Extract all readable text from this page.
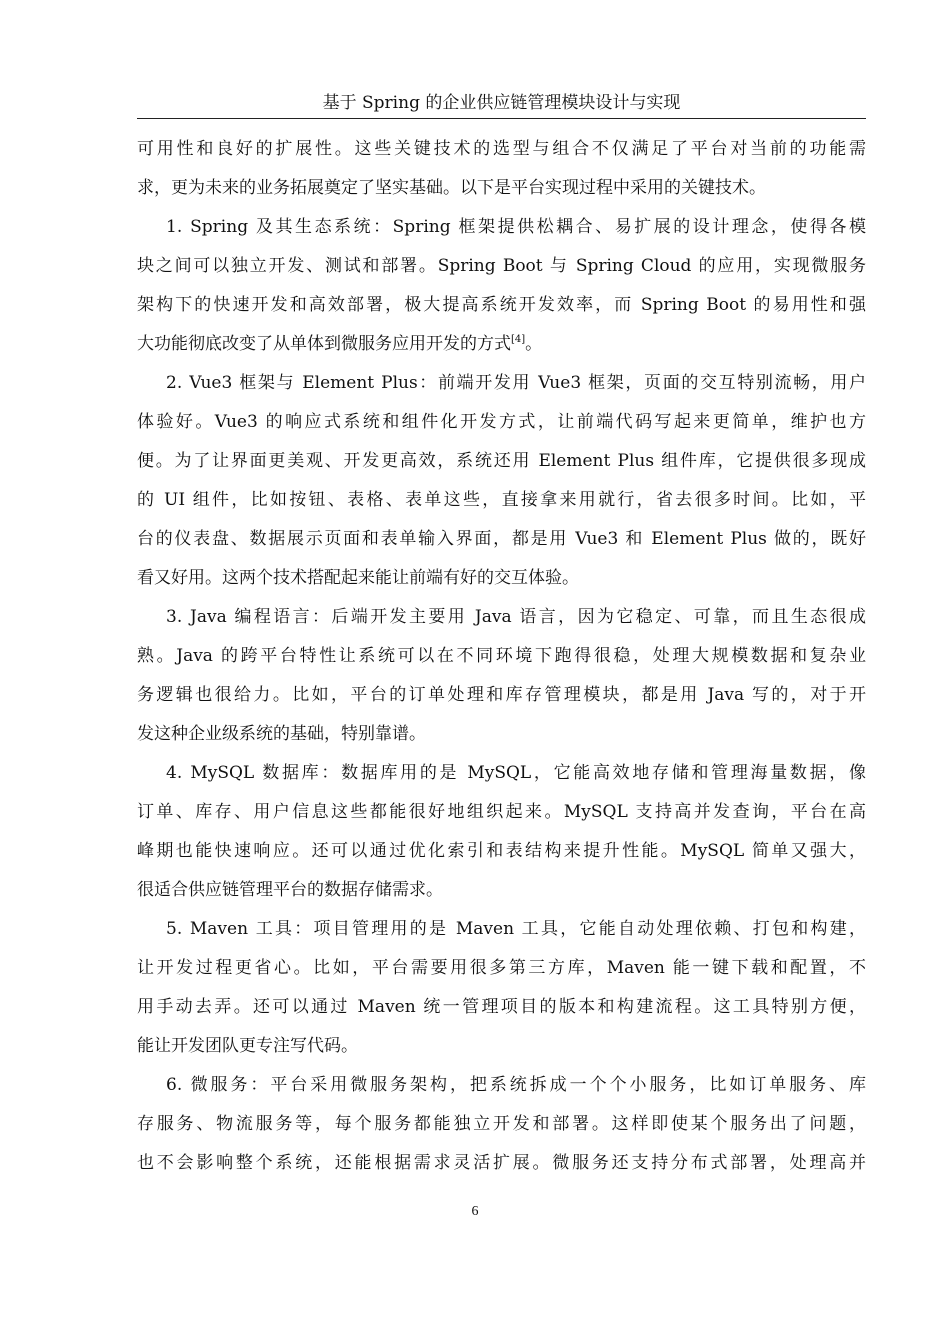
基于 Spring 的企业供应链管理模块设计与实现
可用性和良好的扩展性。这些关键技术的选型与组合不仅满足了平台对当前的功能需
求，更为未来的业务拓展奠定了坚实基础。以下是平台实现过程中采用的关键技术。
1. Spring 及其生态系统：Spring 框架提供松耦合、易扩展的设计理念，使得各模
块之间可以独立开发、测试和部署。Spring Boot 与 Spring Cloud 的应用，实现微服务
架构下的快速开发和高效部署，极大提高系统开发效率，而 Spring Boot 的易用性和强
大功能彻底改变了从单体到微服务应用开发的方式[4]。
2. Vue3 框架与 Element Plus：前端开发用 Vue3 框架，页面的交互特别流畅，用户
体验好。Vue3 的响应式系统和组件化开发方式，让前端代码写起来更简单，维护也方
便。为了让界面更美观、开发更高效，系统还用 Element Plus 组件库，它提供很多现成
的 UI 组件，比如按钮、表格、表单这些，直接拿来用就行，省去很多时间。比如，平
台的仪表盘、数据展示页面和表单输入界面，都是用 Vue3 和 Element Plus 做的，既好
看又好用。这两个技术搭配起来能让前端有好的交互体验。
3. Java 编程语言：后端开发主要用 Java 语言，因为它稳定、可靠，而且生态很成
熟。Java 的跨平台特性让系统可以在不同环境下跑得很稳，处理大规模数据和复杂业
务逻辑也很给力。比如，平台的订单处理和库存管理模块，都是用 Java 写的，对于开
发这种企业级系统的基础，特别靠谱。
4. MySQL 数据库：数据库用的是 MySQL，它能高效地存储和管理海量数据，像
订单、库存、用户信息这些都能很好地组织起来。MySQL 支持高并发查询，平台在高
峰期也能快速响应。还可以通过优化索引和表结构来提升性能。MySQL 简单又强大，
很适合供应链管理平台的数据存储需求。
5. Maven 工具：项目管理用的是 Maven 工具，它能自动处理依赖、打包和构建，
让开发过程更省心。比如，平台需要用很多第三方库，Maven 能一键下载和配置，不
用手动去弄。还可以通过 Maven 统一管理项目的版本和构建流程。这工具特别方便，
能让开发团队更专注写代码。
6. 微服务：平台采用微服务架构，把系统拆成一个个小服务，比如订单服务、库
存服务、物流服务等，每个服务都能独立开发和部署。这样即使某个服务出了问题，
也不会影响整个系统，还能根据需求灵活扩展。微服务还支持分布式部署，处理高并
6
